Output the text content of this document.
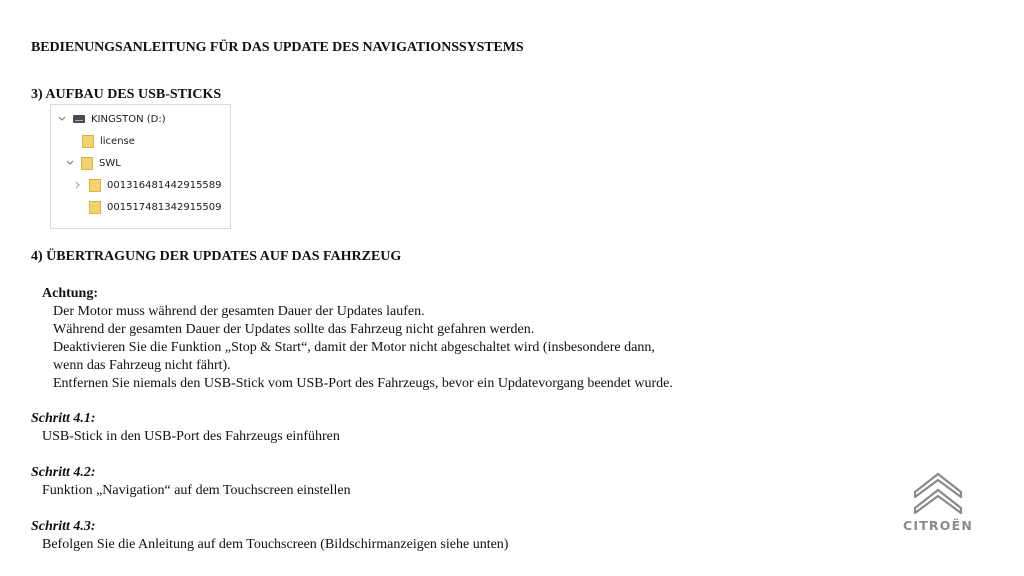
BEDIENUNGSANLEITUNG FÜR DAS UPDATE DES NAVIGATIONSSYSTEMS
3) AUFBAU DES USB-STICKS
KINGSTON (D:)
license
SWL
001316481442915589
001517481342915509
4) ÜBERTRAGUNG DER UPDATES AUF DAS FAHRZEUG
Achtung:
Der Motor muss während der gesamten Dauer der Updates laufen.
Während der gesamten Dauer der Updates sollte das Fahrzeug nicht gefahren werden.
Deaktivieren Sie die Funktion „Stop & Start“, damit der Motor nicht abgeschaltet wird (insbesondere dann,
wenn das Fahrzeug nicht fährt).
Entfernen Sie niemals den USB-Stick vom USB-Port des Fahrzeugs, bevor ein Updatevorgang beendet wurde.
Schritt 4.1:
USB-Stick in den USB-Port des Fahrzeugs einführen
Schritt 4.2:
Funktion „Navigation“ auf dem Touchscreen einstellen
Schritt 4.3:
Befolgen Sie die Anleitung auf dem Touchscreen (Bildschirmanzeigen siehe unten)
CITROËN
